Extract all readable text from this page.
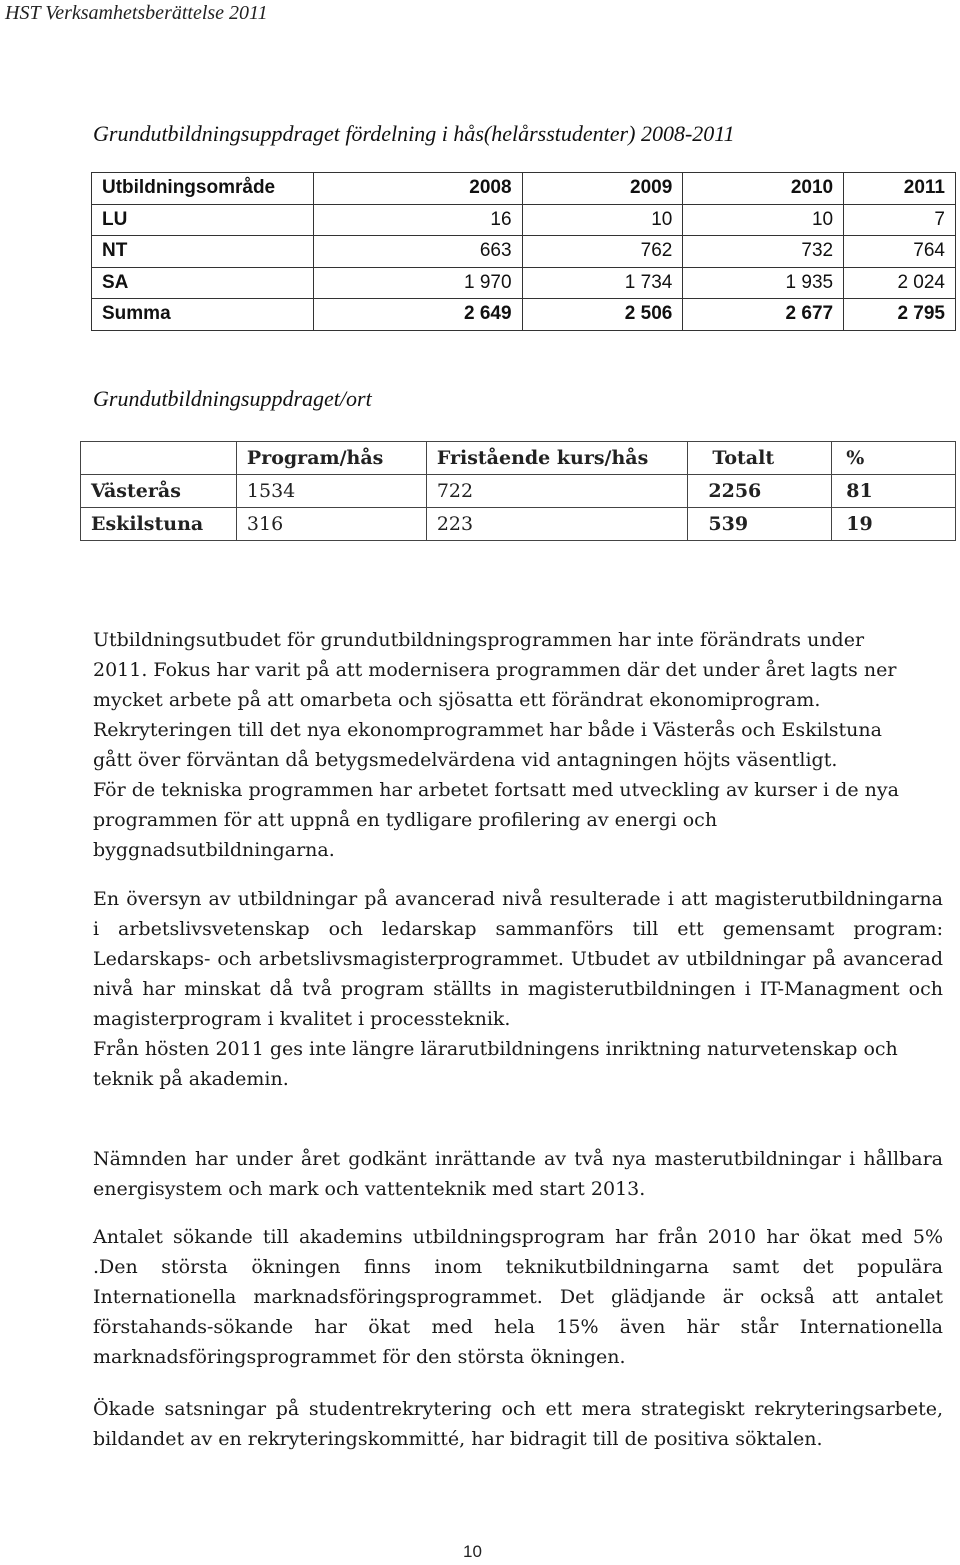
HST Verksamhetsberättelse 2011
Grundutbildningsuppdraget fördelning i hås(helårsstudenter) 2008-2011
Utbildningsområde	2008	2009	2010	2011
LU	16	10	10	7
NT	663	762	732	764
SA	1 970	1 734	1 935	2 024
Summa	2 649	2 506	2 677	2 795
Grundutbildningsuppdraget/ort
	Program/hås	Fristående kurs/hås	Totalt	%
Västerås	1534	722	2256	81
Eskilstuna	316	223	539	19
Utbildningsutbudet för grundutbildningsprogrammen har inte förändrats under
2011. Fokus har varit på att modernisera programmen där det under året lagts ner
mycket arbete på att omarbeta och sjösatta ett förändrat ekonomiprogram.
Rekryteringen till det nya ekonomprogrammet har både i Västerås och Eskilstuna
gått över förväntan då betygsmedelvärdena vid antagningen höjts väsentligt.
För de tekniska programmen har arbetet fortsatt med utveckling av kurser i de nya
programmen för att uppnå en tydligare profilering av energi och
byggnadsutbildningarna.
En översyn av utbildningar på avancerad nivå resulterade i att magisterutbildningarna i arbetslivsvetenskap och ledarskap sammanförs till ett gemensamt program: Ledarskaps- och arbetslivsmagisterprogrammet. Utbudet av utbildningar på avancerad nivå har minskat då två program ställts in magisterutbildningen i IT-Managment och magisterprogram i kvalitet i processteknik.
Från hösten 2011 ges inte längre lärarutbildningens inriktning naturvetenskap och teknik på akademin.
Nämnden har under året godkänt inrättande av två nya masterutbildningar i hållbara energisystem och mark och vattenteknik med start 2013.
Antalet sökande till akademins utbildningsprogram har från 2010 har ökat med 5% .Den största ökningen finns inom teknikutbildningarna samt det populära Internationella marknadsföringsprogrammet. Det glädjande är också att antalet förstahands-sökande har ökat med hela 15% även här står Internationella marknadsföringsprogrammet för den största ökningen.
Ökade satsningar på studentrekrytering och ett mera strategiskt rekryteringsarbete, bildandet av en rekryteringskommitté, har bidragit till de positiva söktalen.
10
